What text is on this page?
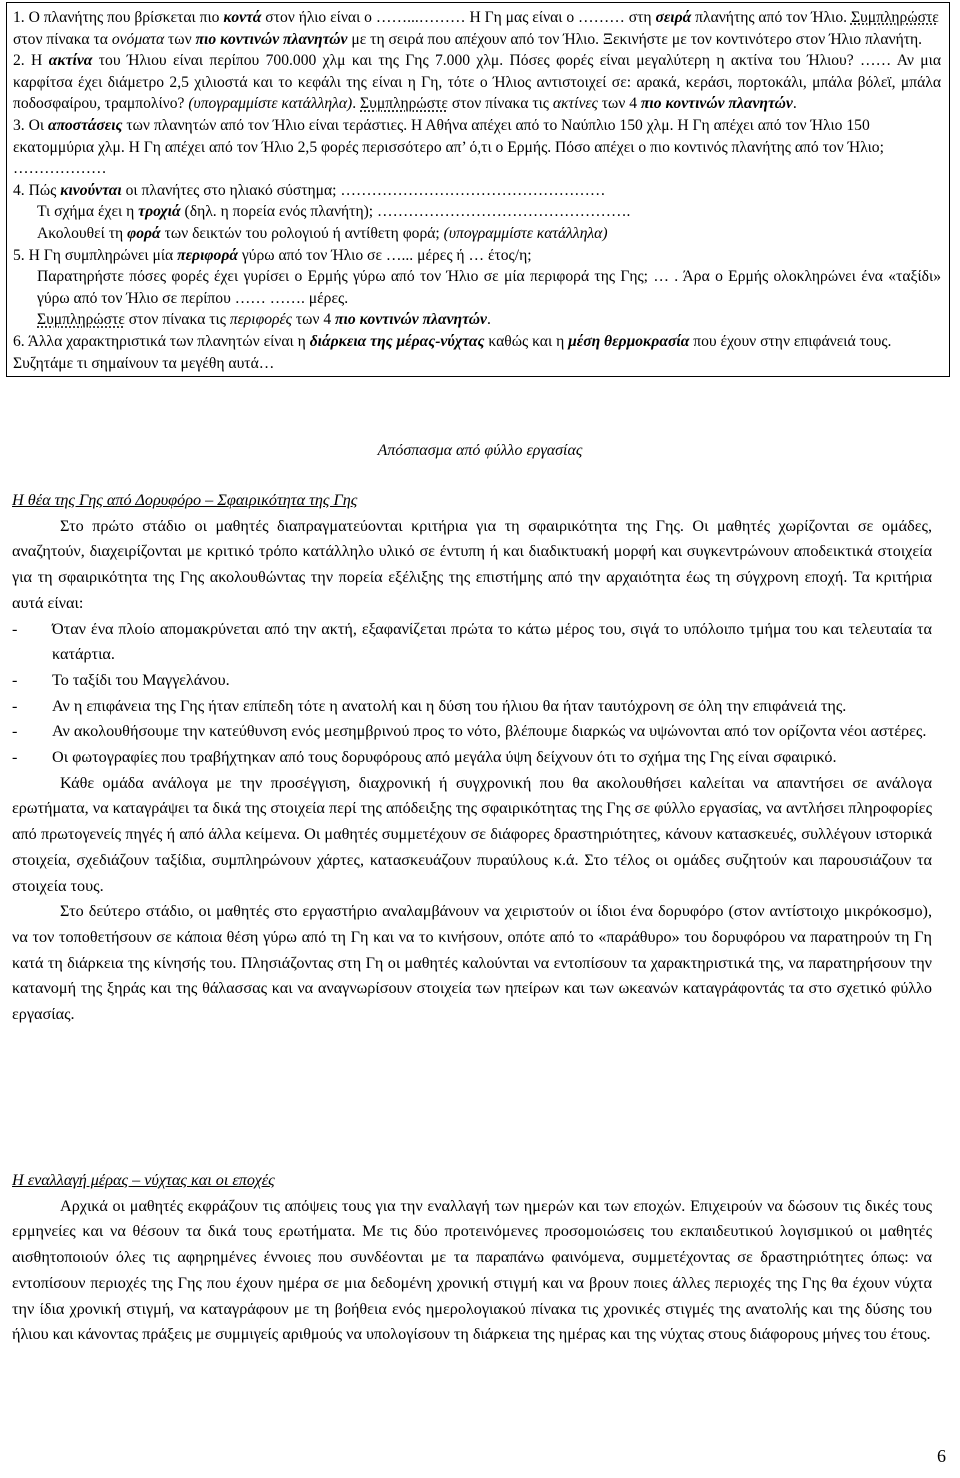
1. Ο πλανήτης που βρίσκεται πιο κοντά στον ήλιο είναι ο ……...……… Η Γη μας είναι ο ……… στη σειρά πλανήτης από τον Ήλιο. Συμπληρώστε στον πίνακα τα ονόματα των πιο κοντινών πλανητών με τη σειρά που απέχουν από τον Ήλιο. Ξεκινήστε με τον κοντινότερο στον Ήλιο πλανήτη.

2. Η ακτίνα του Ήλιου είναι περίπου 700.000 χλμ και της Γης 7.000 χλμ. Πόσες φορές είναι μεγαλύτερη η ακτίνα του Ήλιου? …… Αν μια καρφίτσα έχει διάμετρο 2,5 χιλιοστά και το κεφάλι της είναι η Γη, τότε ο Ήλιος αντιστοιχεί σε: αρακά, κεράσι, πορτοκάλι, μπάλα βόλεϊ, μπάλα ποδοσφαίρου, τραμπολίνο? (υπογραμμίστε κατάλληλα). Συμπληρώστε στον πίνακα τις ακτίνες των 4 πιο κοντινών πλανητών.

3. Οι αποστάσεις των πλανητών από τον Ήλιο είναι τεράστιες. Η Αθήνα απέχει από το Ναύπλιο 150 χλμ. Η Γη απέχει από τον Ήλιο 150 εκατομμύρια χλμ. Η Γη απέχει από τον Ήλιο 2,5 φορές περισσότερο απ’ ό,τι ο Ερμής. Πόσο απέχει ο πιο κοντινός πλανήτης από τον Ήλιο; ………………

4. Πώς κινούνται οι πλανήτες στο ηλιακό σύστημα; ……………………………………………

Τι σχήμα έχει η τροχιά (δηλ. η πορεία ενός πλανήτη); ………………………………………….

Ακολουθεί τη φορά των δεικτών του ρολογιού ή αντίθετη φορά; (υπογραμμίστε κατάλληλα)

5. Η Γη συμπληρώνει μία περιφορά γύρω από τον Ήλιο σε …... μέρες ή … έτος/η;

Παρατηρήστε πόσες φορές έχει γυρίσει ο Ερμής γύρω από τον Ήλιο σε μία περιφορά της Γης; … . Άρα ο Ερμής ολοκληρώνει ένα «ταξίδι» γύρω από τον Ήλιο σε περίπου …… ……. μέρες.

Συμπληρώστε στον πίνακα τις περιφορές των 4 πιο κοντινών πλανητών.

6. Άλλα χαρακτηριστικά των πλανητών είναι η διάρκεια της μέρας-νύχτας καθώς και η μέση θερμοκρασία που έχουν στην επιφάνειά τους. Συζητάμε τι σημαίνουν τα μεγέθη αυτά…

Απόσπασμα από φύλλο εργασίας

Η θέα της Γης από Δορυφόρο – Σφαιρικότητα της Γης

Στο πρώτο στάδιο οι μαθητές διαπραγματεύονται κριτήρια για τη σφαιρικότητα της Γης. Οι μαθητές χωρίζονται σε ομάδες, αναζητούν, διαχειρίζονται με κριτικό τρόπο κατάλληλο υλικό σε έντυπη ή και διαδικτυακή μορφή και συγκεντρώνουν αποδεικτικά στοιχεία για τη σφαιρικότητα της Γης ακολουθώντας την πορεία εξέλιξης της επιστήμης από την αρχαιότητα έως τη σύγχρονη εποχή. Τα κριτήρια αυτά είναι:

- Όταν ένα πλοίο απομακρύνεται από την ακτή, εξαφανίζεται πρώτα το κάτω μέρος του, σιγά το υπόλοιπο τμήμα του και τελευταία τα κατάρτια.

- Το ταξίδι του Μαγγελάνου.

- Αν η επιφάνεια της Γης ήταν επίπεδη τότε η ανατολή και η δύση του ήλιου θα ήταν ταυτόχρονη σε όλη την επιφάνειά της.

- Αν ακολουθήσουμε την κατεύθυνση ενός μεσημβρινού προς το νότο, βλέπουμε διαρκώς να υψώνονται από τον ορίζοντα νέοι αστέρες.

- Οι φωτογραφίες που τραβήχτηκαν από τους δορυφόρους από μεγάλα ύψη δείχνουν ότι το σχήμα της Γης είναι σφαιρικό.

Κάθε ομάδα ανάλογα με την προσέγγιση, διαχρονική ή συγχρονική που θα ακολουθήσει καλείται να απαντήσει σε ανάλογα ερωτήματα, να καταγράψει τα δικά της στοιχεία περί της απόδειξης της σφαιρικότητας της Γης σε φύλλο εργασίας, να αντλήσει πληροφορίες από πρωτογενείς πηγές ή από άλλα κείμενα. Οι μαθητές συμμετέχουν σε διάφορες δραστηριότητες, κάνουν κατασκευές, συλλέγουν ιστορικά στοιχεία, σχεδιάζουν ταξίδια, συμπληρώνουν χάρτες, κατασκευάζουν πυραύλους κ.ά. Στο τέλος οι ομάδες συζητούν και παρουσιάζουν τα στοιχεία τους.

Στο δεύτερο στάδιο, οι μαθητές στο εργαστήριο αναλαμβάνουν να χειριστούν οι ίδιοι ένα δορυφόρο (στον αντίστοιχο μικρόκοσμο), να τον τοποθετήσουν σε κάποια θέση γύρω από τη Γη και να το κινήσουν, οπότε από το «παράθυρο» του δορυφόρου να παρατηρούν τη Γη κατά τη διάρκεια της κίνησής του. Πλησιάζοντας στη Γη οι μαθητές καλούνται να εντοπίσουν τα χαρακτηριστικά της, να παρατηρήσουν την κατανομή της ξηράς και της θάλασσας και να αναγνωρίσουν στοιχεία των ηπείρων και των ωκεανών καταγράφοντάς τα στο σχετικό φύλλο εργασίας.

Η εναλλαγή μέρας – νύχτας και οι εποχές

Αρχικά οι μαθητές εκφράζουν τις απόψεις τους για την εναλλαγή των ημερών και των εποχών. Επιχειρούν να δώσουν τις δικές τους ερμηνείες και να θέσουν τα δικά τους ερωτήματα. Με τις δύο προτεινόμενες προσομοιώσεις του εκπαιδευτικού λογισμικού οι μαθητές αισθητοποιούν όλες τις αφηρημένες έννοιες που συνδέονται με τα παραπάνω φαινόμενα, συμμετέχοντας σε δραστηριότητες όπως: να εντοπίσουν περιοχές της Γης που έχουν ημέρα σε μια δεδομένη χρονική στιγμή και να βρουν ποιες άλλες περιοχές της Γης θα έχουν νύχτα την ίδια χρονική στιγμή, να καταγράφουν με τη βοήθεια ενός ημερολογιακού πίνακα τις χρονικές στιγμές της ανατολής και της δύσης του ήλιου και κάνοντας πράξεις με συμμιγείς αριθμούς να υπολογίσουν τη διάρκεια της ημέρας και της νύχτας στους διάφορους μήνες του έτους.

6
